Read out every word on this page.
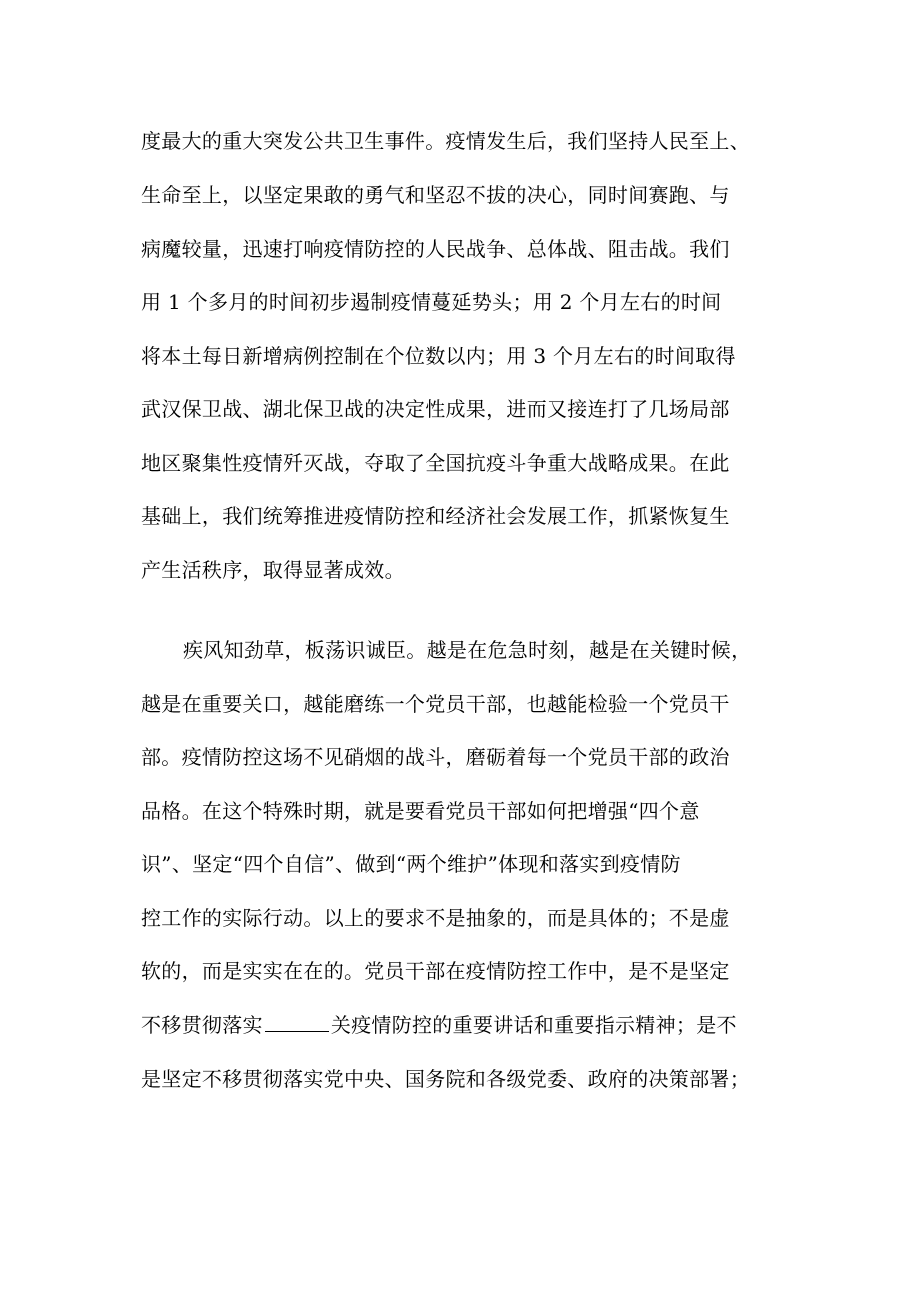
度最大的重大突发公共卫生事件。疫情发生后，我们坚持人民至上、
生命至上，以坚定果敢的勇气和坚忍不拔的决心，同时间赛跑、与
病魔较量，迅速打响疫情防控的人民战争、总体战、阻击战。我们
用 1 个多月的时间初步遏制疫情蔓延势头；用 2 个月左右的时间
将本土每日新增病例控制在个位数以内；用 3 个月左右的时间取得
武汉保卫战、湖北保卫战的决定性成果，进而又接连打了几场局部
地区聚集性疫情歼灭战，夺取了全国抗疫斗争重大战略成果。在此
基础上，我们统筹推进疫情防控和经济社会发展工作，抓紧恢复生
产生活秩序，取得显著成效。
疾风知劲草，板荡识诚臣。越是在危急时刻，越是在关键时候，
越是在重要关口，越能磨练一个党员干部，也越能检验一个党员干
部。疫情防控这场不见硝烟的战斗，磨砺着每一个党员干部的政治
品格。在这个特殊时期，就是要看党员干部如何把增强“四个意
识”、坚定“四个自信”、做到“两个维护”体现和落实到疫情防
控工作的实际行动。以上的要求不是抽象的，而是具体的；不是虚
软的，而是实实在在的。党员干部在疫情防控工作中，是不是坚定
不移贯彻落实	关疫情防控的重要讲话和重要指示精神；是不
是坚定不移贯彻落实党中央、国务院和各级党委、政府的决策部署；
